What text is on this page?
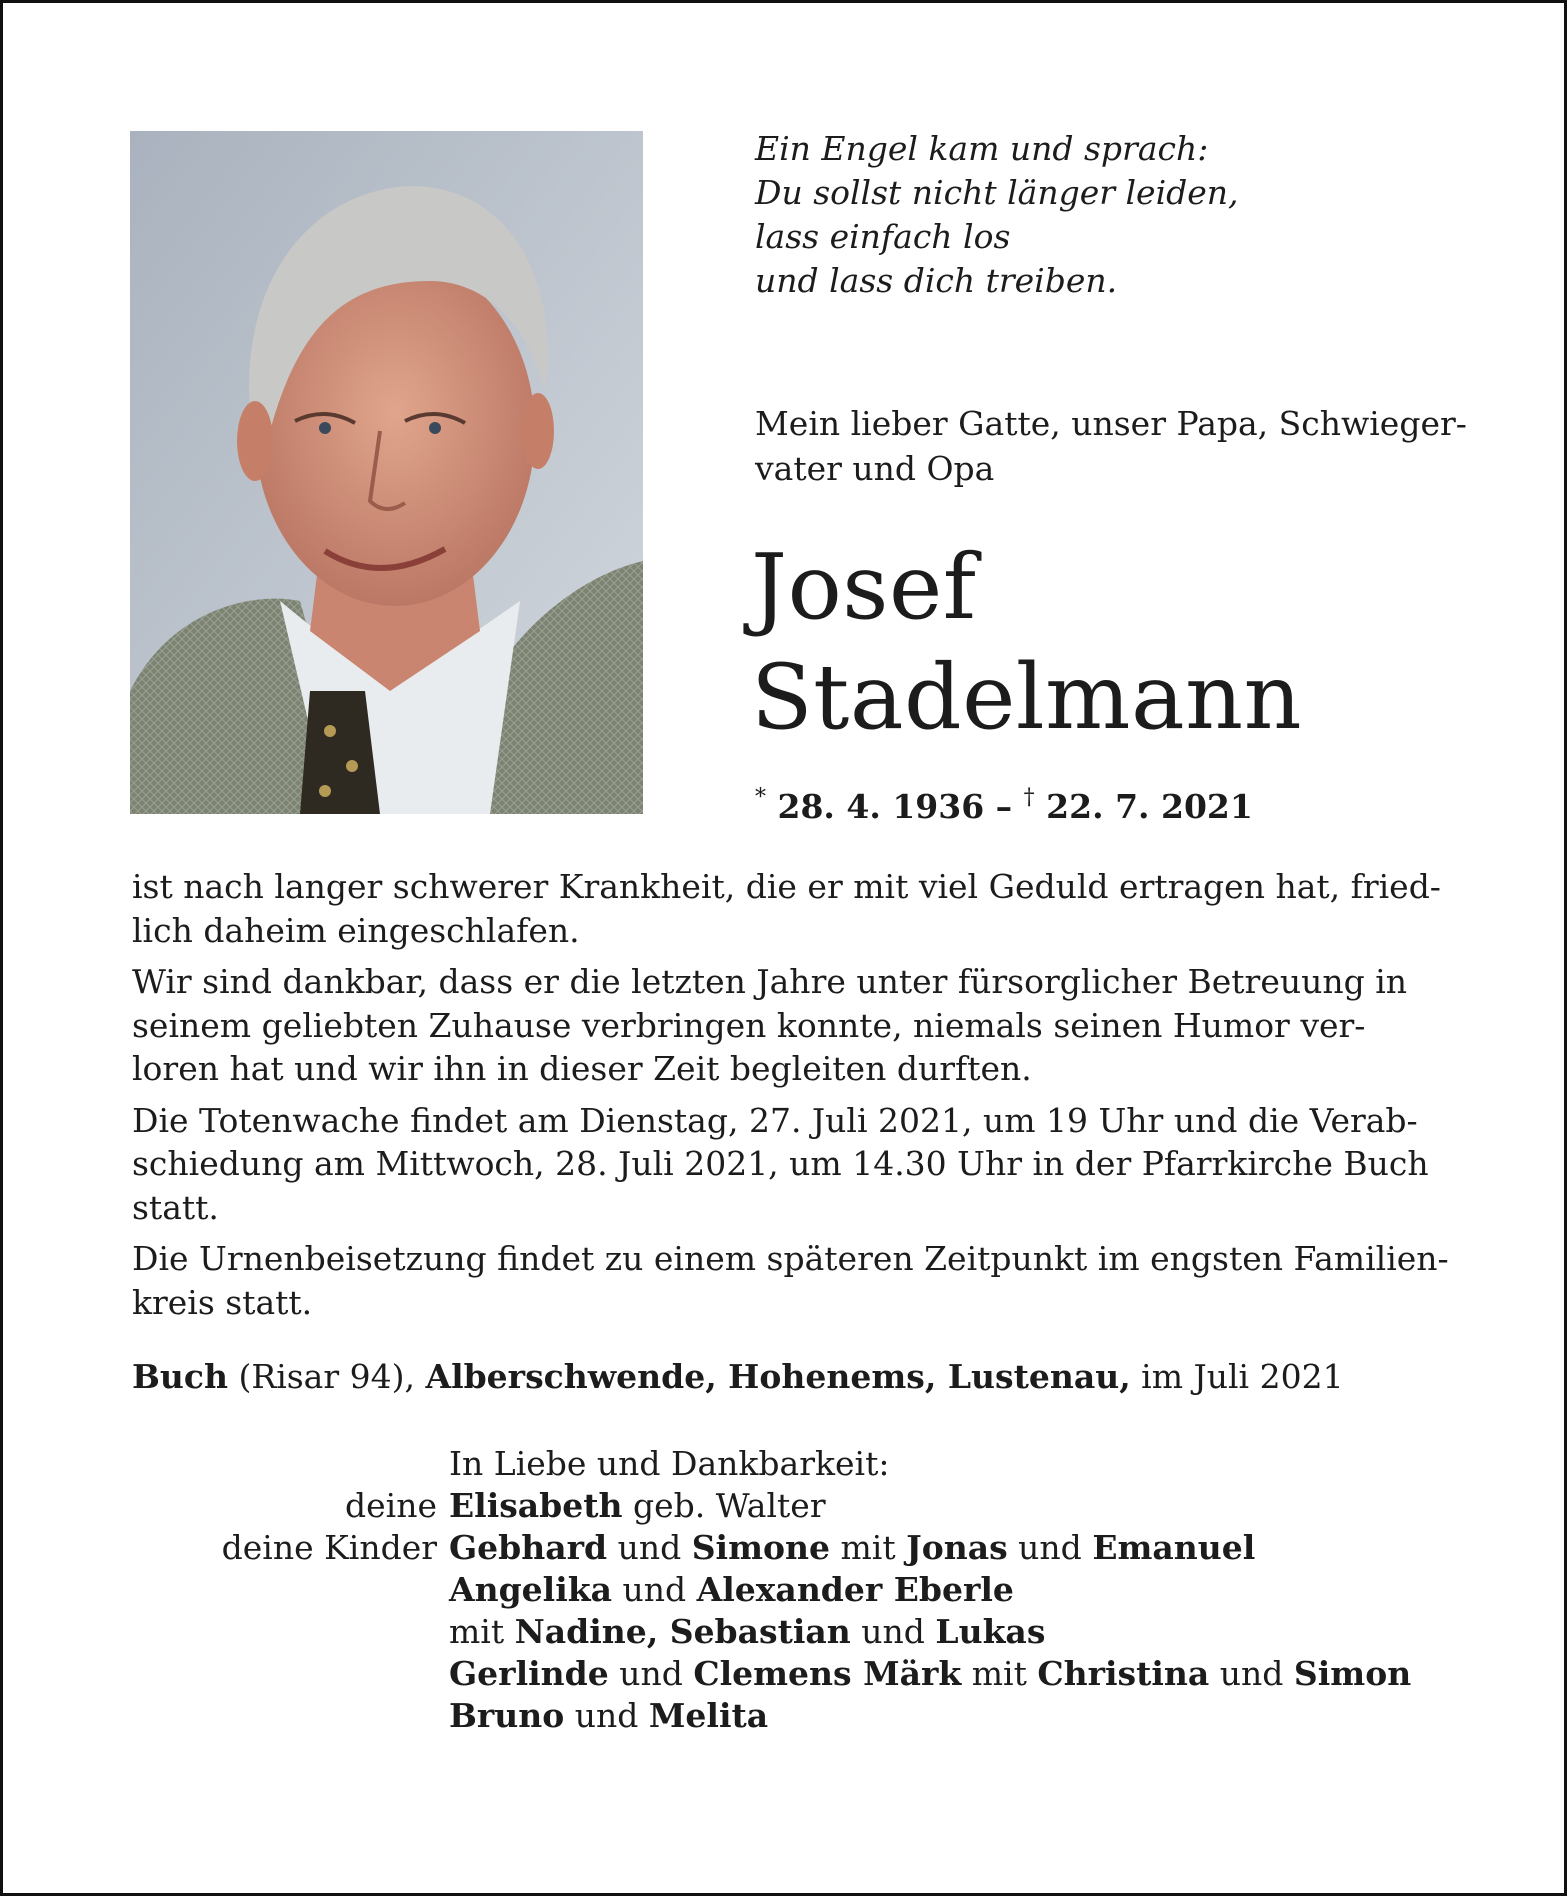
Ein Engel kam und sprach:
Du sollst nicht länger leiden,
lass einfach los
und lass dich treiben.
Mein lieber Gatte, unser Papa, Schwieger-
vater und Opa
Josef
Stadelmann
* 28. 4. 1936 – † 22. 7. 2021

ist nach langer schwerer Krankheit, die er mit viel Geduld ertragen hat, fried-
lich daheim eingeschlafen.

Wir sind dankbar, dass er die letzten Jahre unter fürsorglicher Betreuung in
seinem geliebten Zuhause verbringen konnte, niemals seinen Humor ver-
loren hat und wir ihn in dieser Zeit begleiten durften.

Die Totenwache findet am Dienstag, 27. Juli 2021, um 19 Uhr und die Verab-
schiedung am Mittwoch, 28. Juli 2021, um 14.30 Uhr in der Pfarrkirche Buch
statt.

Die Urnenbeisetzung findet zu einem späteren Zeitpunkt im engsten Familien-
kreis statt.

Buch (Risar 94), Alberschwende, Hohenems, Lustenau, im Juli 2021
In Liebe und Dankbarkeit:
deine Elisabeth geb. Walter
deine Kinder Gebhard und Simone mit Jonas und Emanuel
Angelika und Alexander Eberle
mit Nadine, Sebastian und Lukas
Gerlinde und Clemens Märk mit Christina und Simon
Bruno und Melita
